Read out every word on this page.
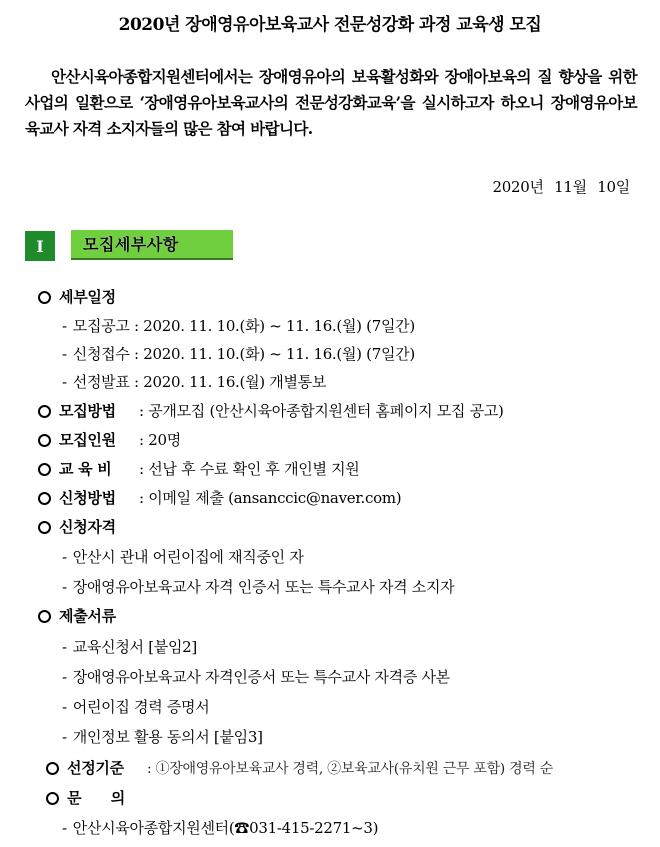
2020년 장애영유아보육교사 전문성강화 과정 교육생 모집
안산시육아종합지원센터에서는 장애영유아의 보육활성화와 장애아보육의 질 향상을 위한 사업의 일환으로 ‘장애영유아보육교사의 전문성강화교육’을 실시하고자 하오니 장애영유아보육교사 자격 소지자들의 많은 참여 바랍니다.
2020년 11월 10일
I	모집세부사항
세부일정
- 모집공고 : 2020. 11. 10.(화) ~ 11. 16.(월) (7일간)
- 신청접수 : 2020. 11. 10.(화) ~ 11. 16.(월) (7일간)
- 선정발표 : 2020. 11. 16.(월) 개별통보
모집방법 : 공개모집 (안산시육아종합지원센터 홈페이지 모집 공고)
모집인원 : 20명
교 육 비 : 선납 후 수료 확인 후 개인별 지원
신청방법 : 이메일 제출 (ansanccic@naver.com)
신청자격
- 안산시 관내 어린이집에 재직중인 자
- 장애영유아보육교사 자격 인증서 또는 특수교사 자격 소지자
제출서류
- 교육신청서 [붙임2]
- 장애영유아보육교사 자격인증서 또는 특수교사 자격증 사본
- 어린이집 경력 증명서
- 개인정보 활용 동의서 [붙임3]
선정기준 : ①장애영유아보육교사 경력, ②보육교사(유치원 근무 포함) 경력 순
문      의
- 안산시육아종합지원센터(☎031-415-2271~3)
